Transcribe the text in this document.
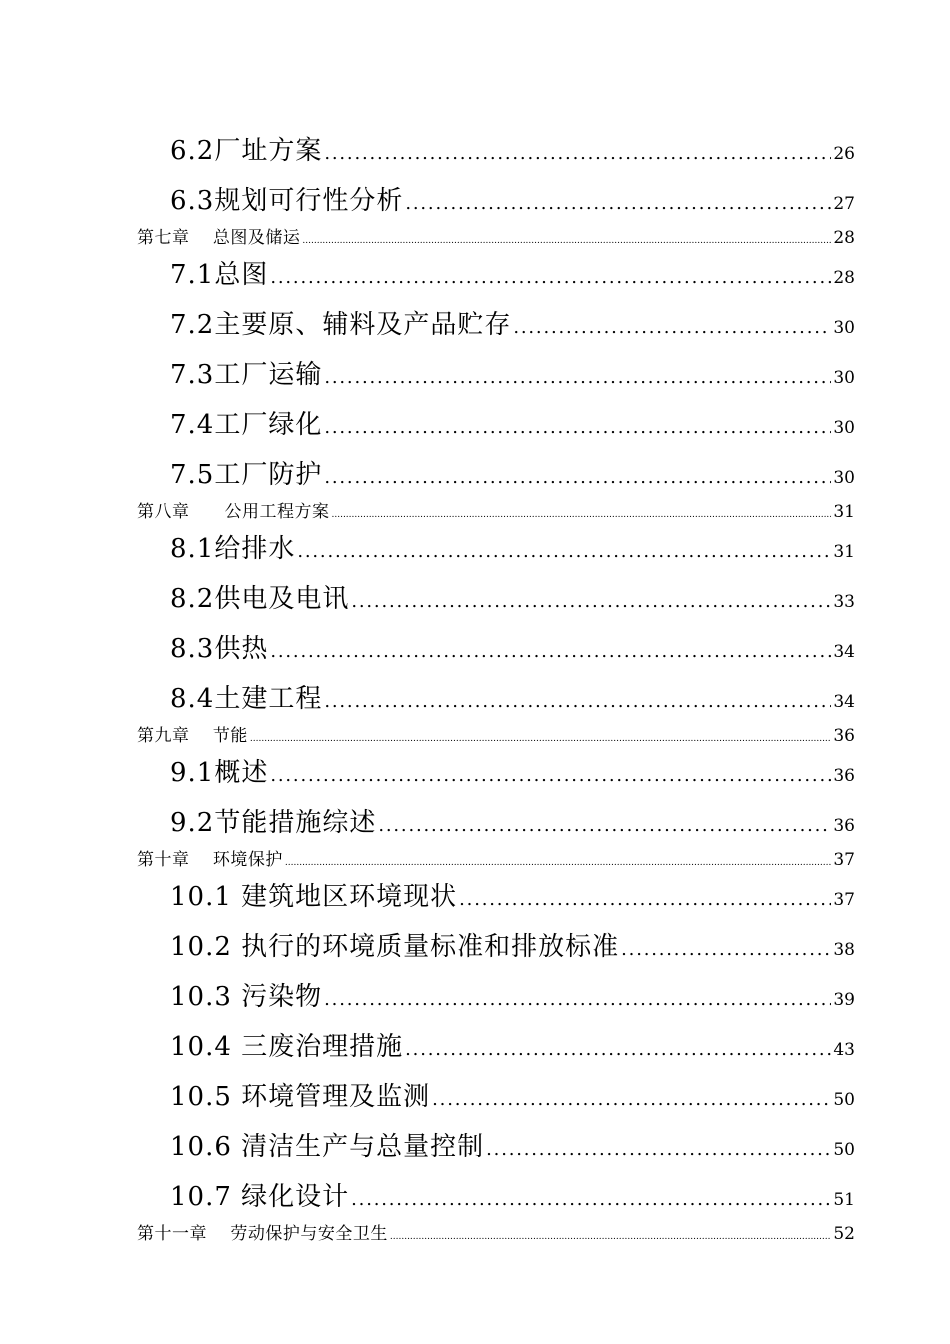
6.2厂址方案 .....	26
6.3规划可行性分析 .....	27
第七章　 总图及储运 .....	28
7.1总图 .....	28
7.2主要原、辅料及产品贮存 .....	30
7.3工厂运输 .....	30
7.4工厂绿化 .....	30
7.5工厂防护 .....	30
第八章　　公用工程方案 .....	31
8.1给排水 .....	31
8.2供电及电讯 .....	33
8.3供热 .....	34
8.4土建工程 .....	34
第九章　 节能 .....	36
9.1概述 .....	36
9.2节能措施综述 .....	36
第十章　 环境保护 .....	37
10.1 建筑地区环境现状 .....	37
10.2 执行的环境质量标准和排放标准 .....	38
10.3 污染物 .....	39
10.4 三废治理措施 .....	43
10.5 环境管理及监测 .....	50
10.6 清洁生产与总量控制 .....	50
10.7 绿化设计 .....	51
第十一章　 劳动保护与安全卫生 .....	52
